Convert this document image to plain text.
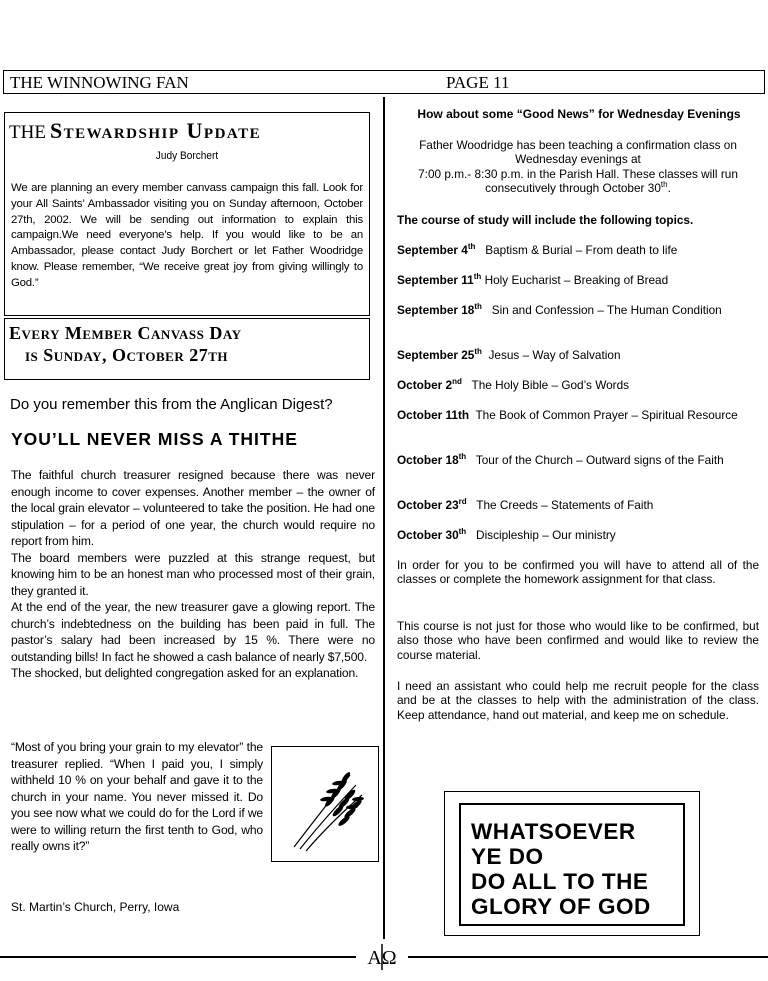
THE WINNOWING FAN	PAGE 11
THE Stewardship Update
Judy Borchert
We are planning an every member canvass campaign this fall. Look for your All Saints’ Ambassador visiting you on Sunday afternoon, October 27th, 2002. We will be sending out information to explain this campaign.We need everyone’s help. If you would like to be an Ambassador, please contact Judy Borchert or let Father Woodridge know. Please remember, “We receive great joy from giving willingly to God.”
Every Member Canvass Day
is Sunday, October 27th
Do you remember this from the Anglican Digest?
YOU’LL NEVER MISS A THITHE

The faithful church treasurer resigned because there was never enough income to cover expenses. Another member – the owner of the local grain elevator – volunteered to take the position. He had one stipulation – for a period of one year, the church would require no report from him.

The board members were puzzled at this strange request, but knowing him to be an honest man who processed most of their grain, they granted it.

At the end of the year, the new treasurer gave a glowing report. The church’s indebtedness on the building has been paid in full. The pastor’s salary had been increased by 15 %. There were no outstanding bills! In fact he showed a cash balance of nearly $7,500.

The shocked, but delighted congregation asked for an explanation.

“Most of you bring your grain to my elevator” the treasurer replied. “When I paid you, I simply withheld 10 % on your behalf and gave it to the church in your name. You never missed it. Do you see now what we could do for the Lord if we were to willing return the first tenth to God, who really owns it?”
St. Martin’s Church, Perry, Iowa
How about some “Good News” for Wednesday Evenings
Father Woodridge has been teaching a confirmation class on Wednesday evenings at
7:00 p.m.- 8:30 p.m. in the Parish Hall. These classes will run consecutively through October 30th.
The course of study will include the following topics.
September 4th Baptism & Burial – From death to life
September 11th Holy Eucharist – Breaking of Bread
September 18th Sin and Confession – The Human Condition
September 25th Jesus – Way of Salvation
October 2nd The Holy Bible – God’s Words
October 11th The Book of Common Prayer – Spiritual Resource
October 18th Tour of the Church – Outward signs of the Faith
October 23rd The Creeds – Statements of Faith
October 30th Discipleship – Our ministry
In order for you to be confirmed you will have to attend all of the classes or complete the homework assignment for that class.
This course is not just for those who would like to be confirmed, but also those who have been confirmed and would like to review the course material.
I need an assistant who could help me recruit people for the class and be at the classes to help with the administration of the class. Keep attendance, hand out material, and keep me on schedule.
WHATSOEVER
YE DO
DO ALL TO THE
GLORY OF GOD
AΩ
